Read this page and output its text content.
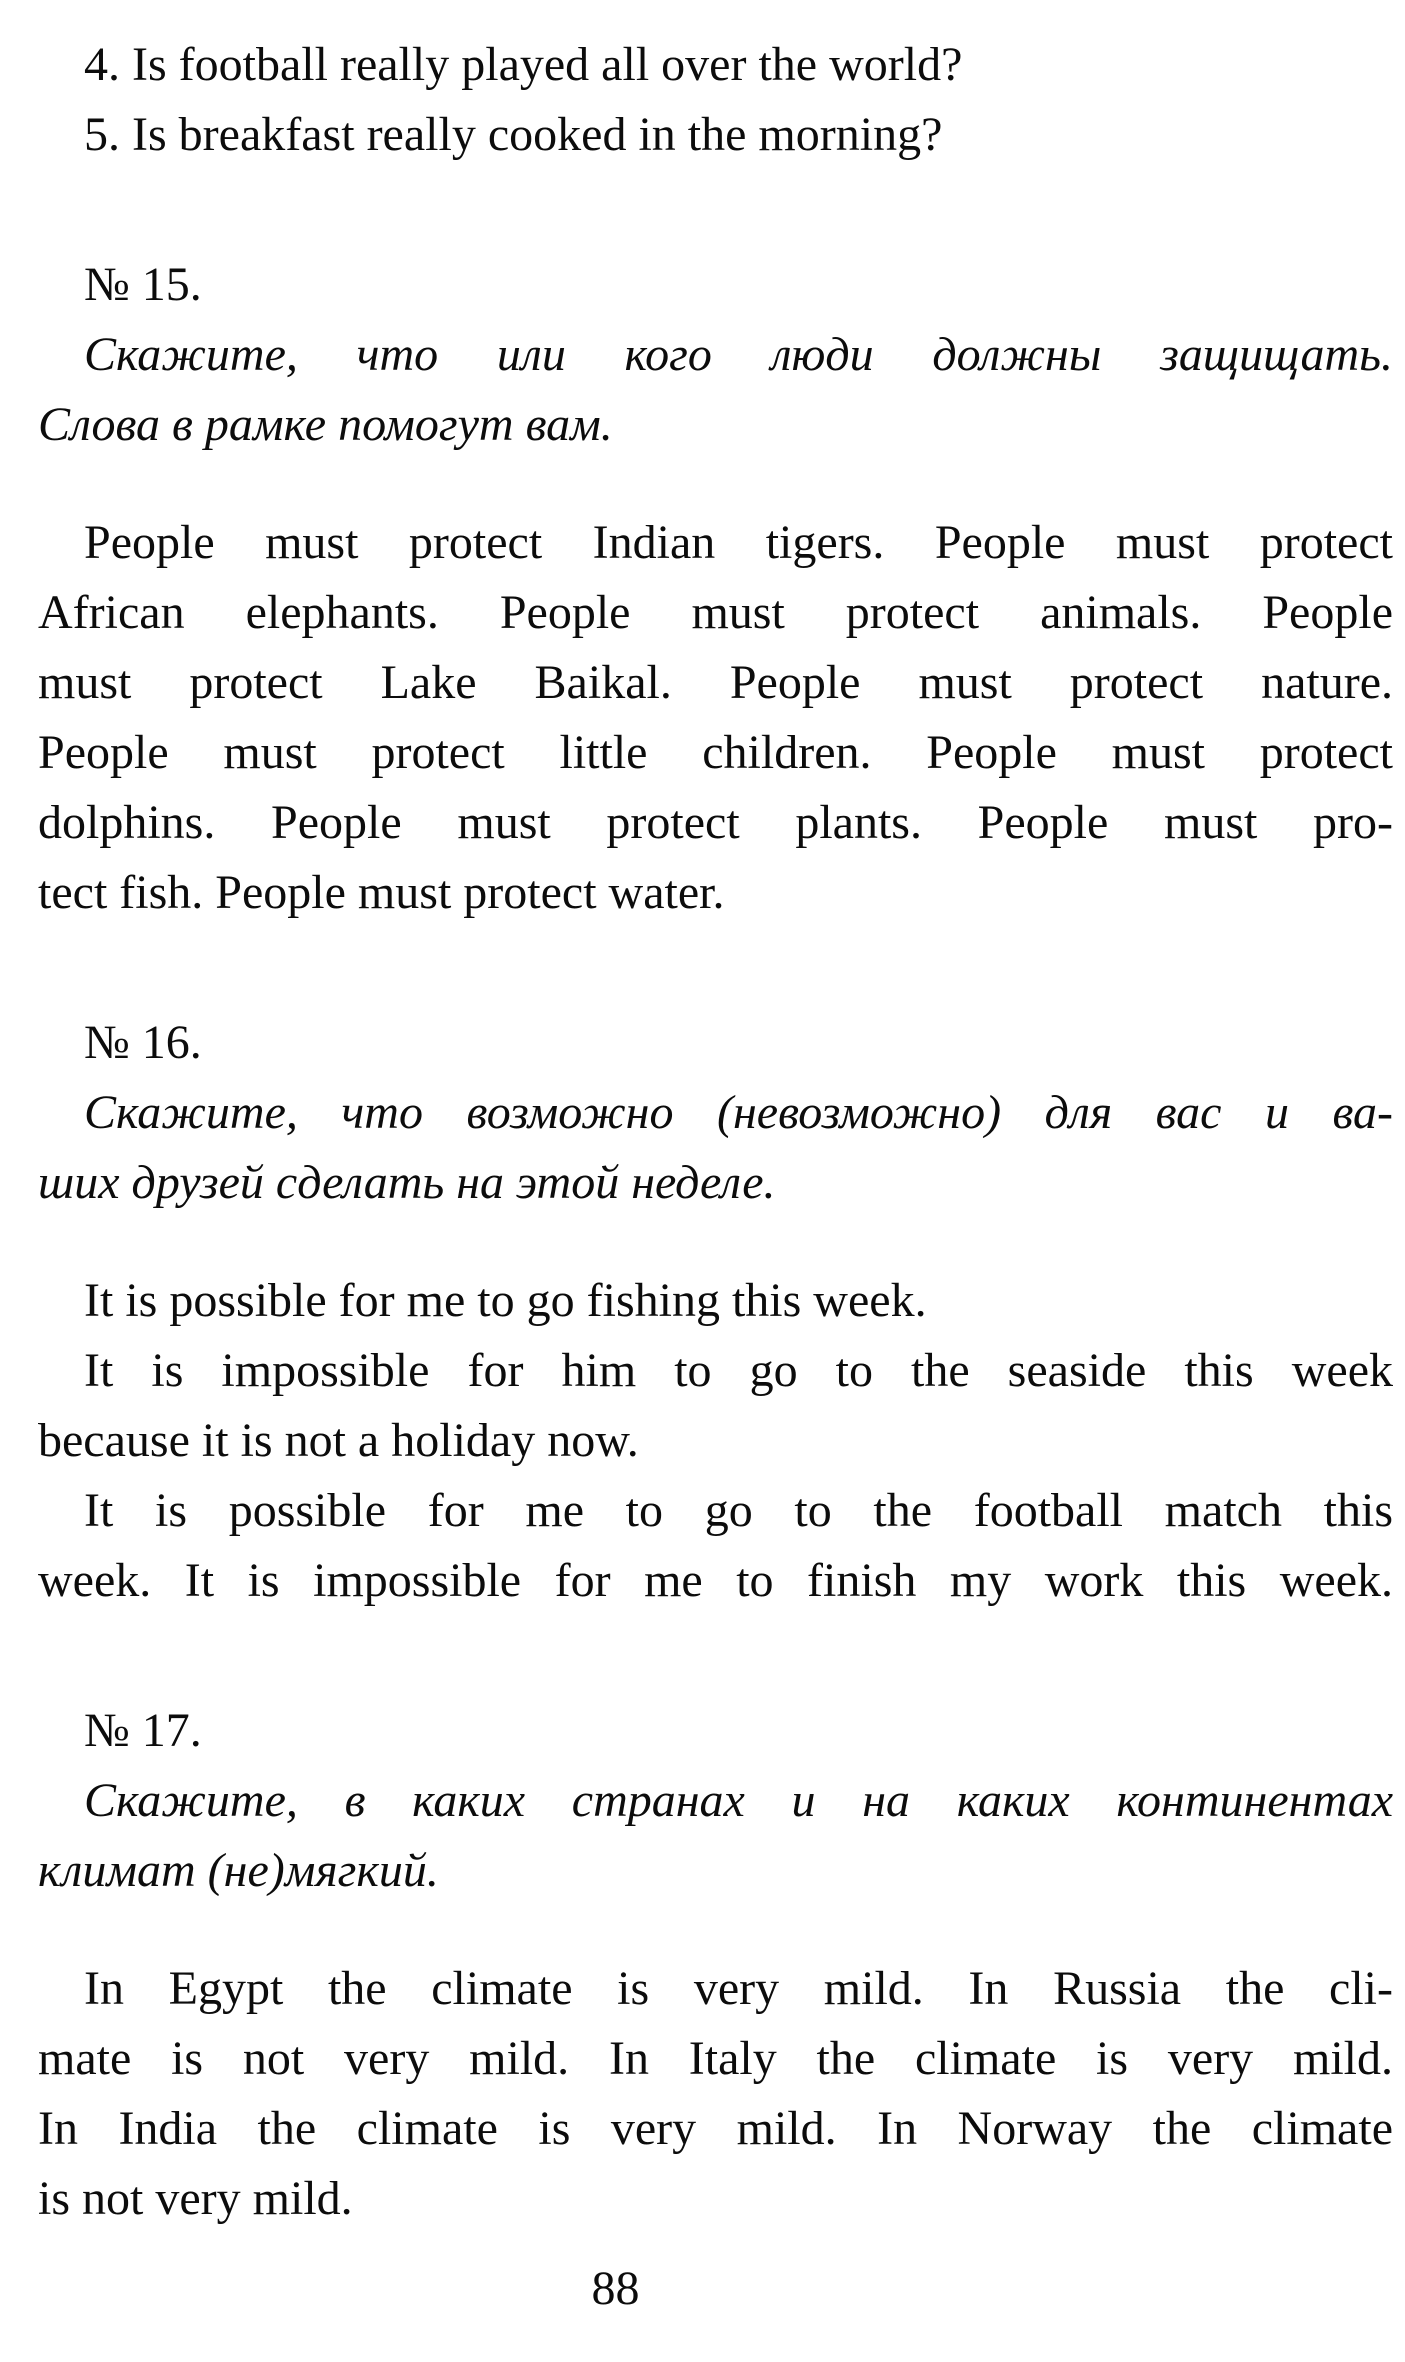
4. Is football really played all over the world?
5. Is breakfast really cooked in the morning?
№ 15.
Скажите, что или кого люди должны защищать.
Слова в рамке помогут вам.
People must protect Indian tigers. People must protect
African elephants. People must protect animals. People
must protect Lake Baikal. People must protect nature.
People must protect little children. People must protect
dolphins. People must protect plants. People must pro-
tect fish. People must protect water.
№ 16.
Скажите, что возможно (невозможно) для вас и ва-
ших друзей сделать на этой неделе.
It is possible for me to go fishing this week.
It is impossible for him to go to the seaside this week
because it is not a holiday now.
It is possible for me to go to the football match this
week. It is impossible for me to finish my work this week.
№ 17.
Скажите, в каких странах и на каких континентах
климат (не)мягкий.
In Egypt the climate is very mild. In Russia the cli-
mate is not very mild. In Italy the climate is very mild.
In India the climate is very mild. In Norway the climate
is not very mild.
88
